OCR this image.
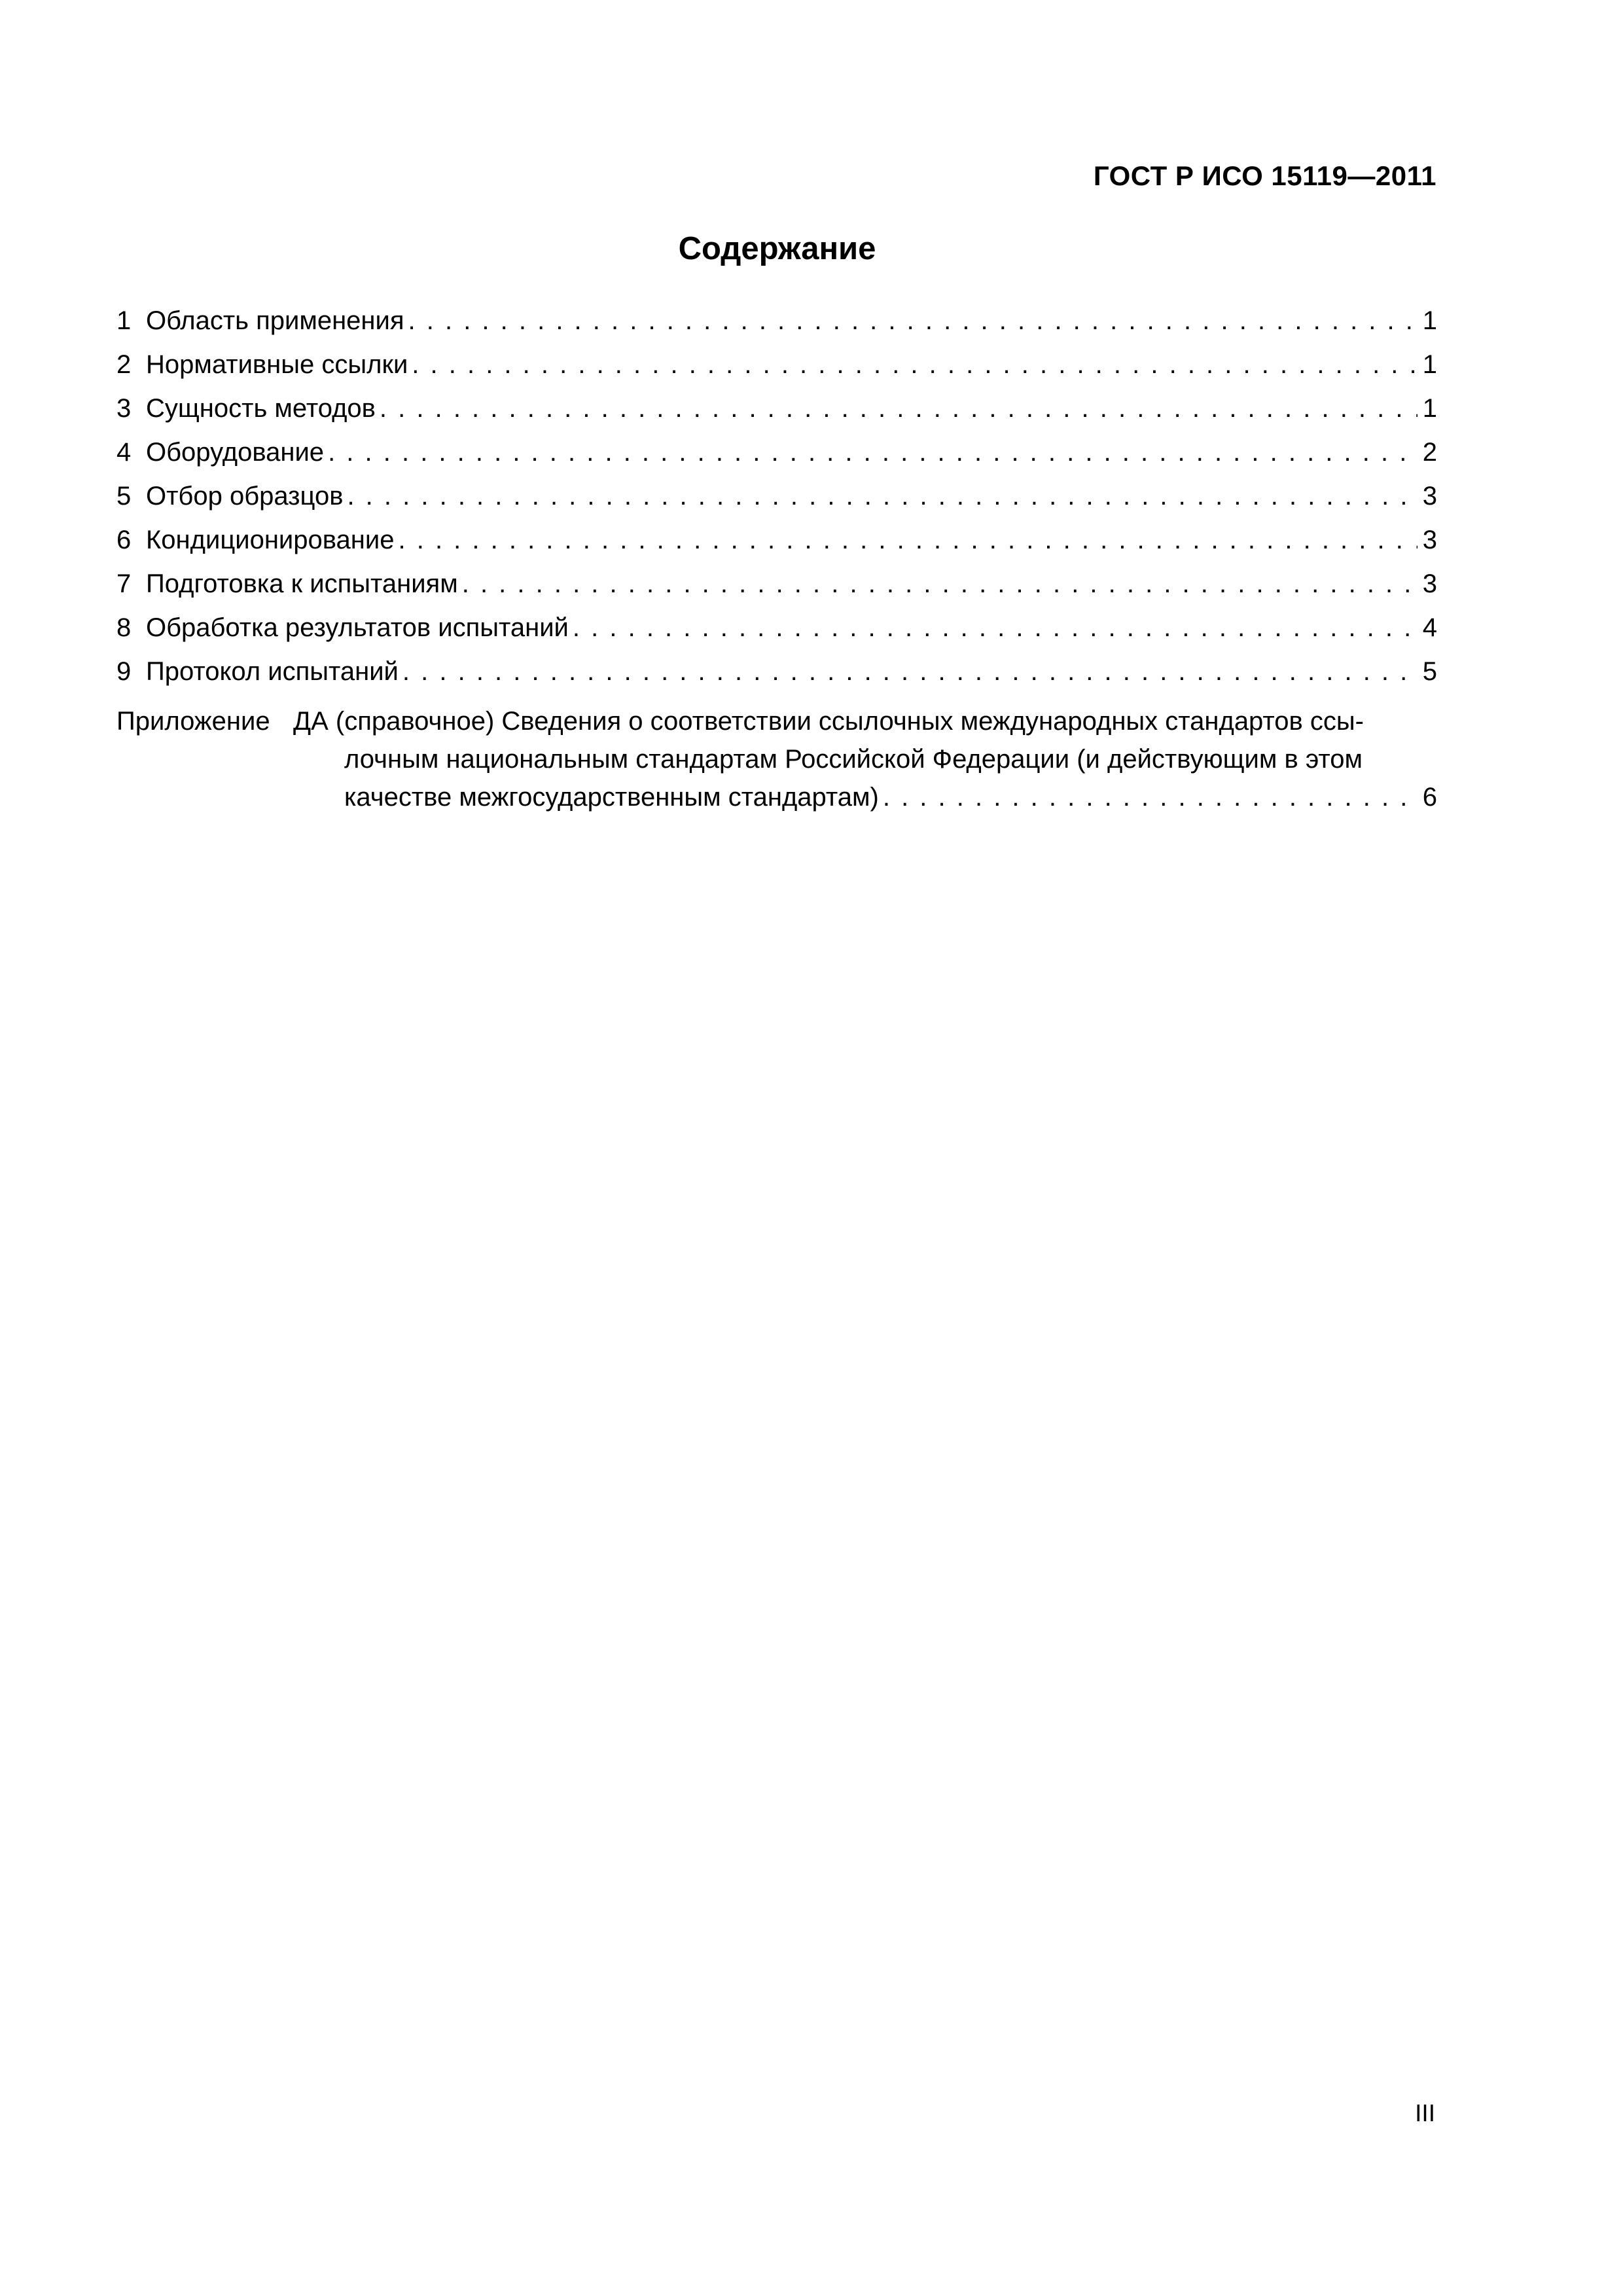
ГОСТ Р ИСО 15119—2011
Содержание
1 Область применения . . .	1
2 Нормативные ссылки . . .	1
3 Сущность методов . . .	1
4 Оборудование . . .	2
5 Отбор образцов . . .	3
6 Кондиционирование . . .	3
7 Подготовка к испытаниям . . .	3
8 Обработка результатов испытаний . . .	4
9 Протокол испытаний . . .	5
Приложение ДА (справочное) Сведения о соответствии ссылочных международных стандартов ссы-
лочным национальным стандартам Российской Федерации (и действующим в этом
качестве межгосударственным стандартам) . . .	6
III
